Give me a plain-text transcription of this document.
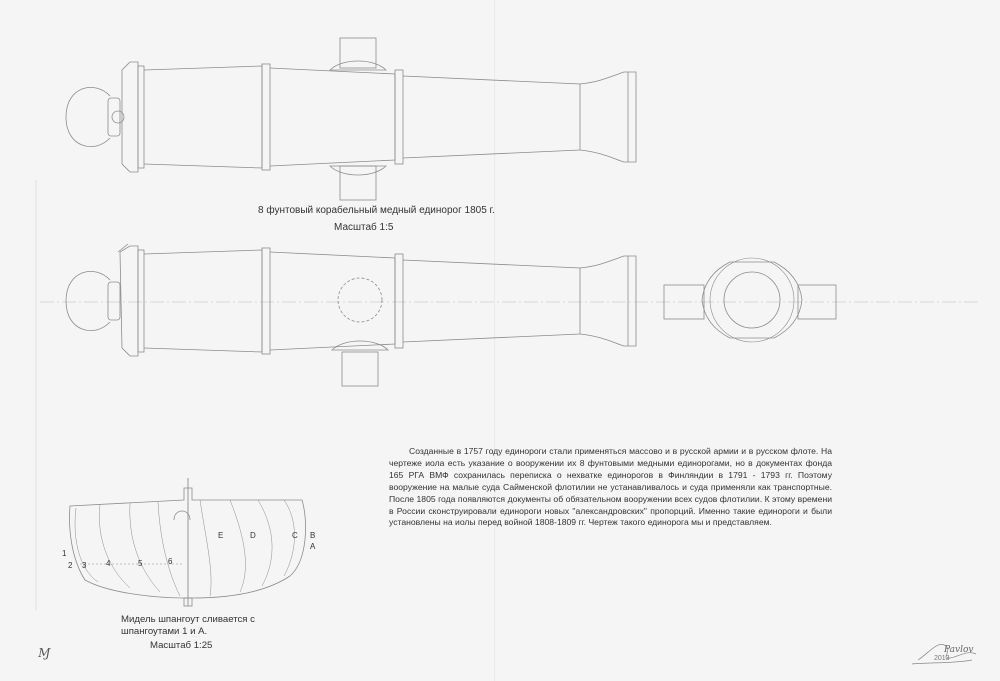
1
2 3 4	5	6
E	D	C B
A
8 фунтовый корабельный медный единорог 1805 г.
Масштаб 1:5
Созданные в 1757 году единороги стали применяться массово и в русской армии и в русском флоте. На чертеже иола есть указание о вооружении их 8 фунтовыми медными единорогами, но в документах фонда 165 РГА ВМФ сохранилась переписка о нехватке единорогов в Финляндии в 1791 - 1793 гг. Поэтому вооружение на малые суда Сайменской флотилии не устанавливалось и суда применяли как транспортные. После 1805 года появляются документы об обязательном вооружении всех судов флотилии. К этому времени в России сконструировали единороги новых "александровских" пропорций. Именно такие единороги и были установлены на иолы перед войной 1808-1809 гг. Чертеж такого единорога мы и представляем.
Мидель шпангоут сливается с шпангоутами 1 и А.
Масштаб 1:25
Ɱ	Pavlov
2013
